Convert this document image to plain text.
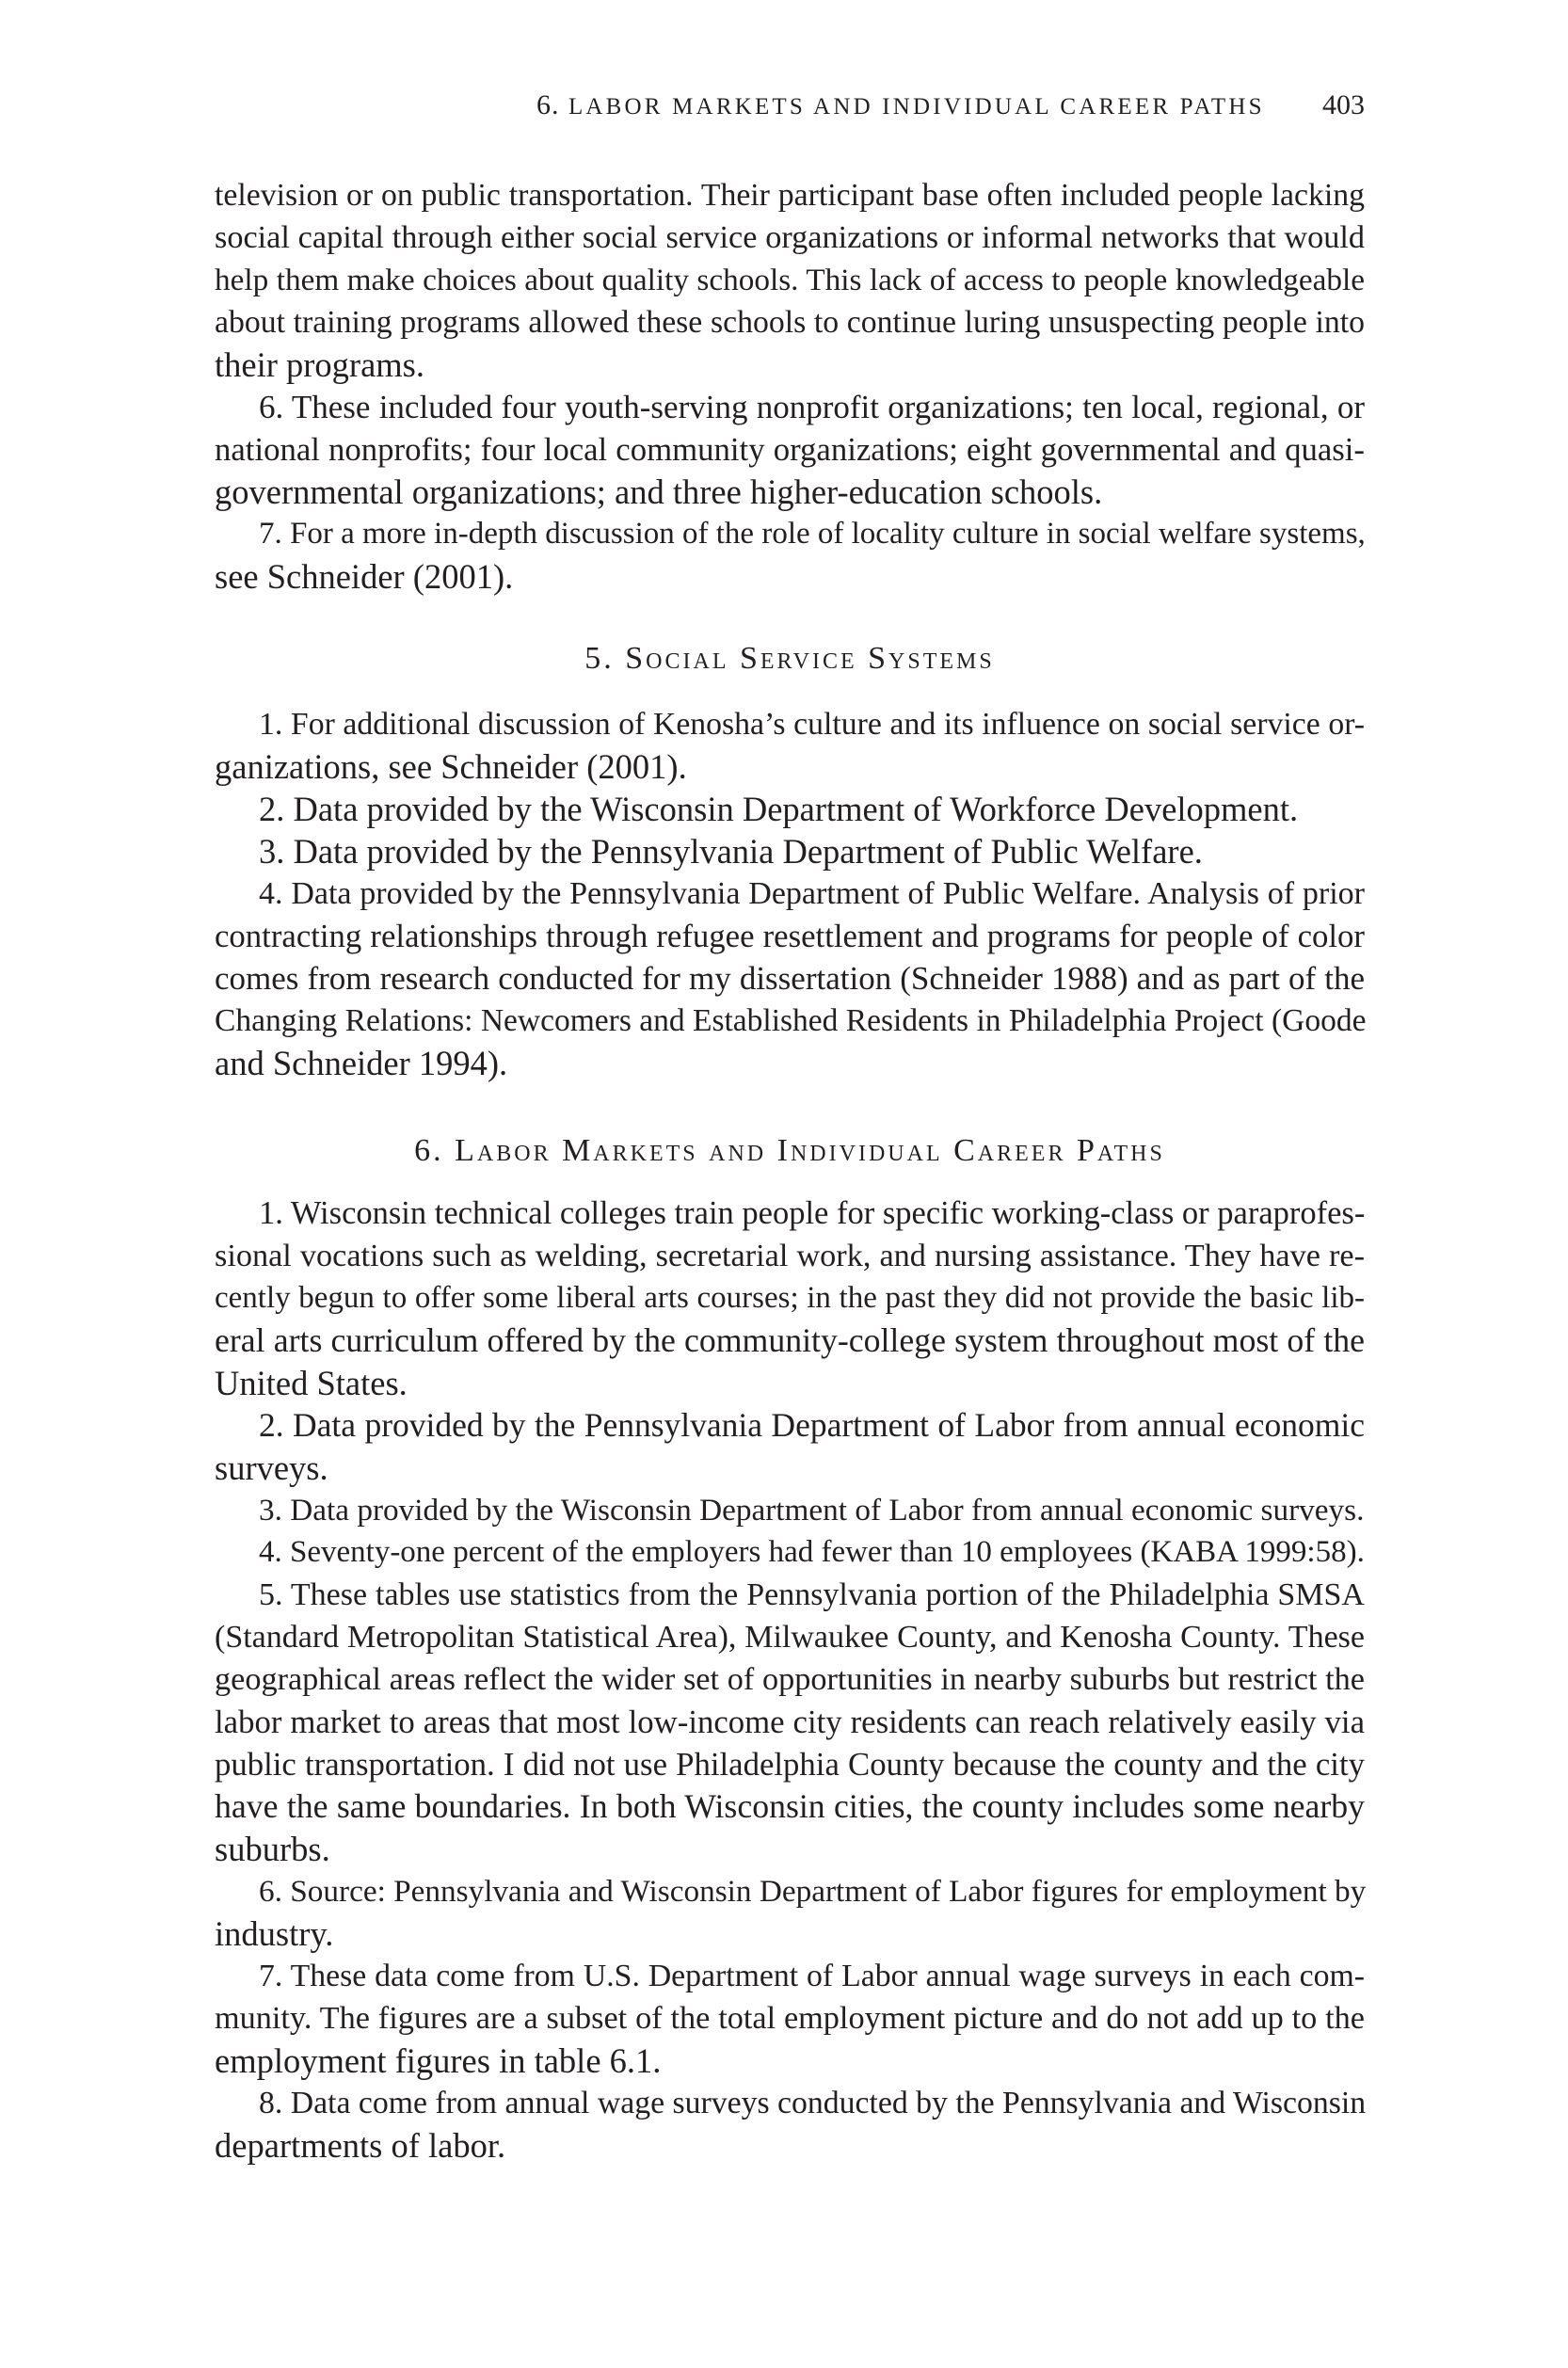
6. LABOR MARKETS AND INDIVIDUAL CAREER PATHS 403
television or on public transportation. Their participant base often included people lacking
social capital through either social service organizations or informal networks that would
help them make choices about quality schools. This lack of access to people knowledgeable
about training programs allowed these schools to continue luring unsuspecting people into
their programs.
6. These included four youth-serving nonprofit organizations; ten local, regional, or
national nonprofits; four local community organizations; eight governmental and quasi-
governmental organizations; and three higher-education schools.
7. For a more in-depth discussion of the role of locality culture in social welfare systems,
see Schneider (2001).
5. Social Service Systems
1. For additional discussion of Kenosha’s culture and its influence on social service or-
ganizations, see Schneider (2001).
2. Data provided by the Wisconsin Department of Workforce Development.
3. Data provided by the Pennsylvania Department of Public Welfare.
4. Data provided by the Pennsylvania Department of Public Welfare. Analysis of prior
contracting relationships through refugee resettlement and programs for people of color
comes from research conducted for my dissertation (Schneider 1988) and as part of the
Changing Relations: Newcomers and Established Residents in Philadelphia Project (Goode
and Schneider 1994).
6. Labor Markets and Individual Career Paths
1. Wisconsin technical colleges train people for specific working-class or paraprofes-
sional vocations such as welding, secretarial work, and nursing assistance. They have re-
cently begun to offer some liberal arts courses; in the past they did not provide the basic lib-
eral arts curriculum offered by the community-college system throughout most of the
United States.
2. Data provided by the Pennsylvania Department of Labor from annual economic
surveys.
3. Data provided by the Wisconsin Department of Labor from annual economic surveys.
4. Seventy-one percent of the employers had fewer than 10 employees (KABA 1999:58).
5. These tables use statistics from the Pennsylvania portion of the Philadelphia SMSA
(Standard Metropolitan Statistical Area), Milwaukee County, and Kenosha County. These
geographical areas reflect the wider set of opportunities in nearby suburbs but restrict the
labor market to areas that most low-income city residents can reach relatively easily via
public transportation. I did not use Philadelphia County because the county and the city
have the same boundaries. In both Wisconsin cities, the county includes some nearby
suburbs.
6. Source: Pennsylvania and Wisconsin Department of Labor figures for employment by
industry.
7. These data come from U.S. Department of Labor annual wage surveys in each com-
munity. The figures are a subset of the total employment picture and do not add up to the
employment figures in table 6.1.
8. Data come from annual wage surveys conducted by the Pennsylvania and Wisconsin
departments of labor.
